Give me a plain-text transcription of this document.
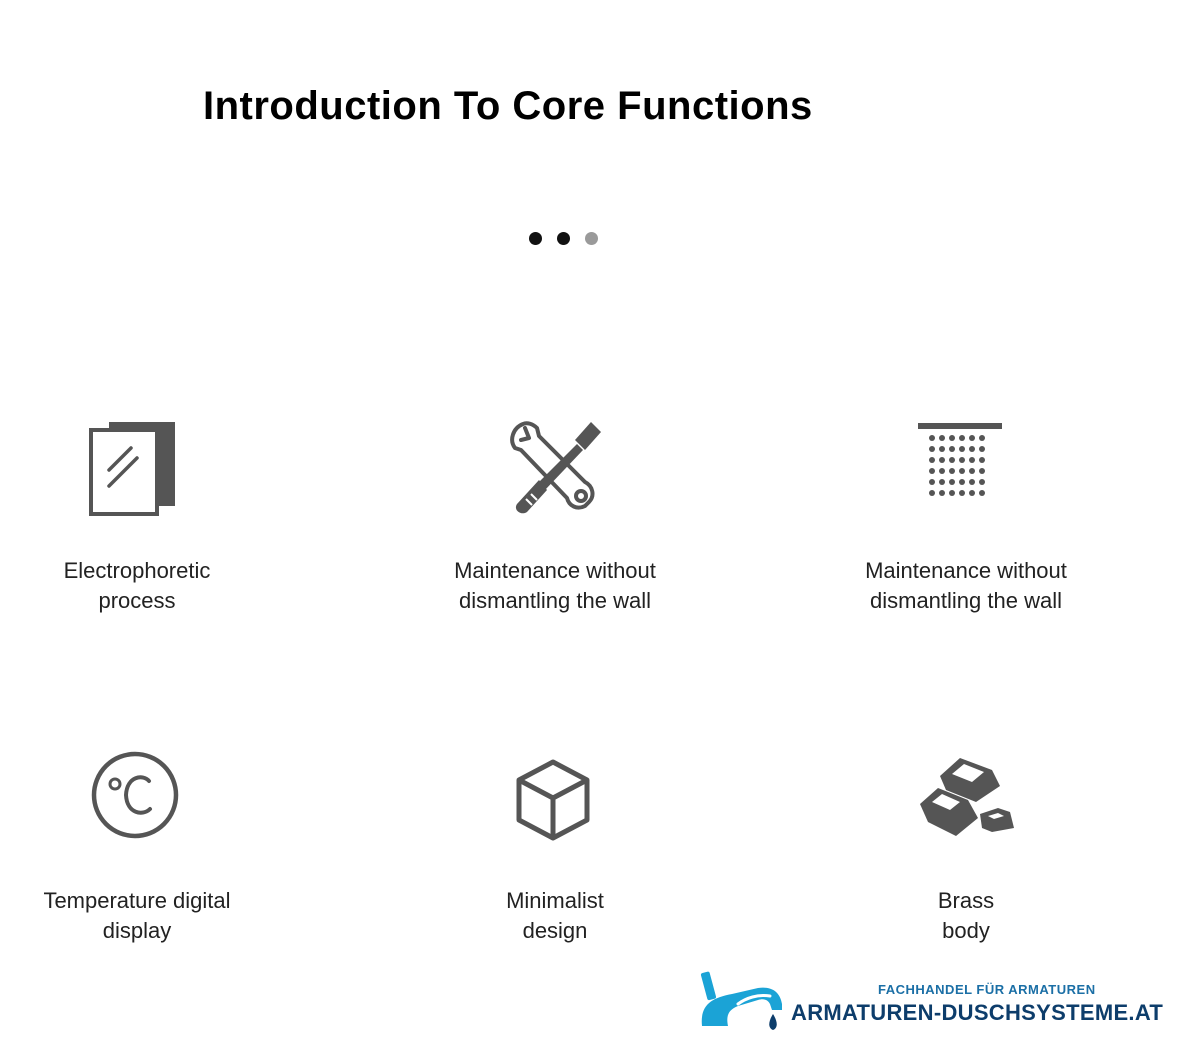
Introduction To Core Functions
Electrophoretic
process
Maintenance without
dismantling the wall
Maintenance without
dismantling the wall
Temperature digital
display
Minimalist
design
Brass
body
FACHHANDEL FÜR ARMATUREN
ARMATUREN-DUSCHSYSTEME.AT
